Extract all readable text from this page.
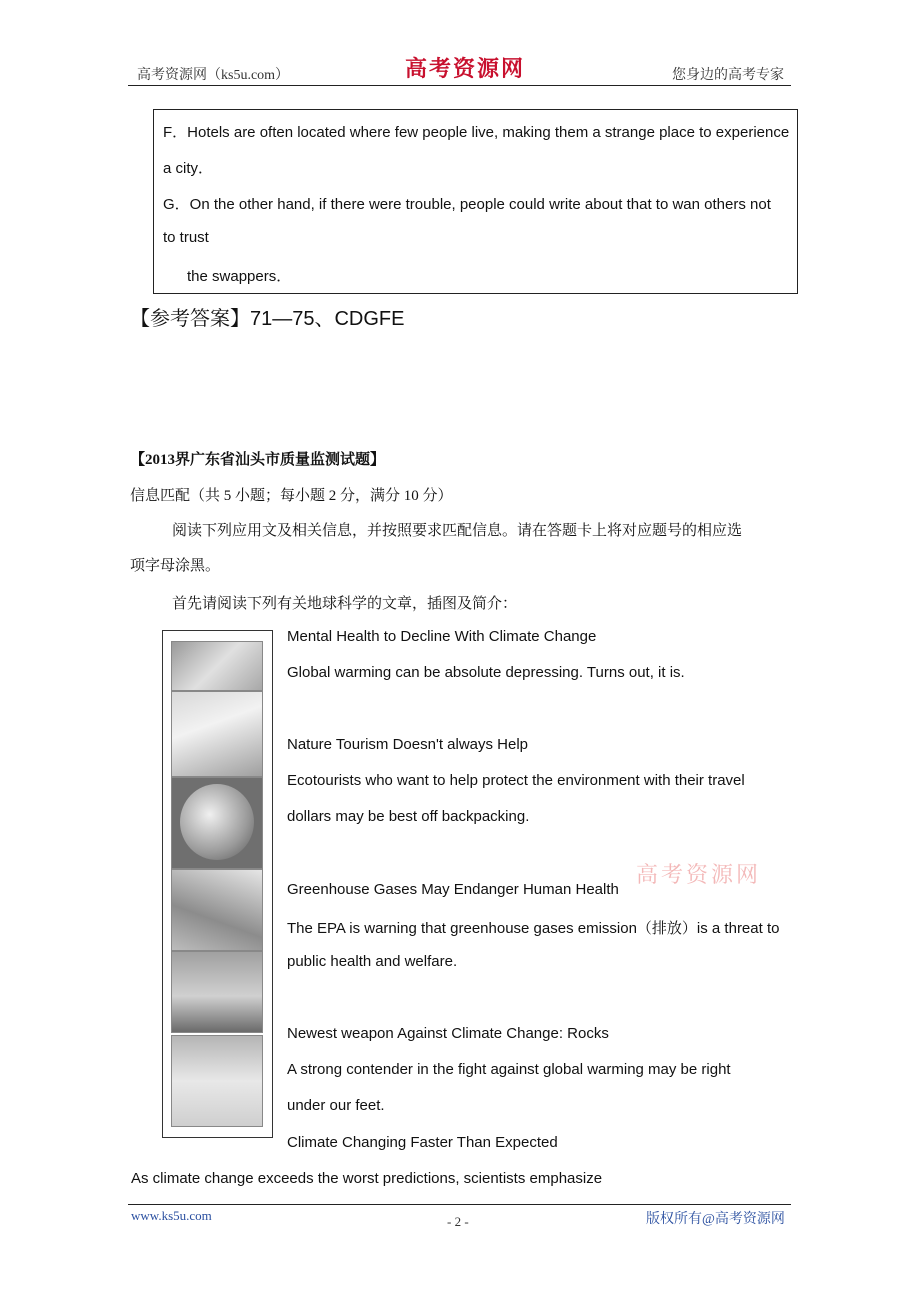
高考资源网（ks5u.com）	高考资源网	您身边的高考专家
F．Hotels are often located where few people live, making them a strange place to experience
a city．
G．On the other hand, if there were trouble, people could write about that to wan others not
to trust
the swappers．
【参考答案】71—75、CDGFE
【2013界广东省汕头市质量监测试题】
信息匹配（共 5 小题；每小题 2 分，满分 10 分）
阅读下列应用文及相关信息，并按照要求匹配信息。请在答题卡上将对应题号的相应选
项字母涂黑。
首先请阅读下列有关地球科学的文章，插图及简介：
Mental Health to Decline With Climate Change
Global warming can be absolute depressing. Turns out, it is.
Nature Tourism Doesn't always Help
Ecotourists who want to help protect the environment with their travel
dollars may be best off backpacking.
Greenhouse Gases May Endanger Human Health
The EPA is warning that greenhouse gases emission（排放）is a threat to
public health and welfare.
Newest weapon Against Climate Change: Rocks
A strong contender in the fight against global warming may be right
under our feet.
Climate Changing Faster Than Expected
As climate change exceeds the worst predictions, scientists emphasize
高考资源网
www.ks5u.com	- 2 -	版权所有@高考资源网
